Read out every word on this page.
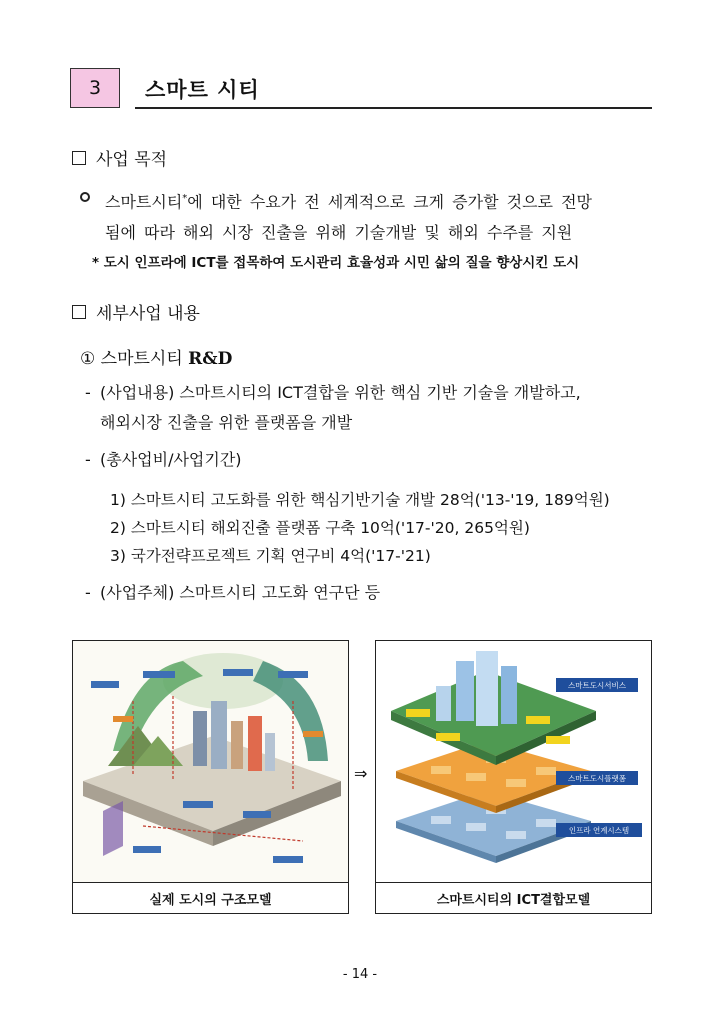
3 스마트 시티
사업 목적
스마트시티*에 대한 수요가 전 세계적으로 크게 증가할 것으로 전망
됨에 따라 해외 시장 진출을 위해 기술개발 및 해외 수주를 지원
* 도시 인프라에 ICT를 접목하여 도시관리 효율성과 시민 삶의 질을 향상시킨 도시
세부사업 내용
① 스마트시티 R&D
- (사업내용) 스마트시티의 ICT결합을 위한 핵심 기반 기술을 개발하고,
해외시장 진출을 위한 플랫폼을 개발
- (총사업비/사업기간)
1) 스마트시티 고도화를 위한 핵심기반기술 개발 28억('13-'19, 189억원)
2) 스마트시티 해외진출 플랫폼 구축 10억('17-'20, 265억원)
3) 국가전략프로젝트 기획 연구비 4억('17-'21)
- (사업주체) 스마트시티 고도화 연구단 등
실제 도시의 구조모델
⇒
스마트도시서비스
스마트도시플랫폼
인프라 연계시스템
스마트시티의 ICT결합모델
- 14 -
